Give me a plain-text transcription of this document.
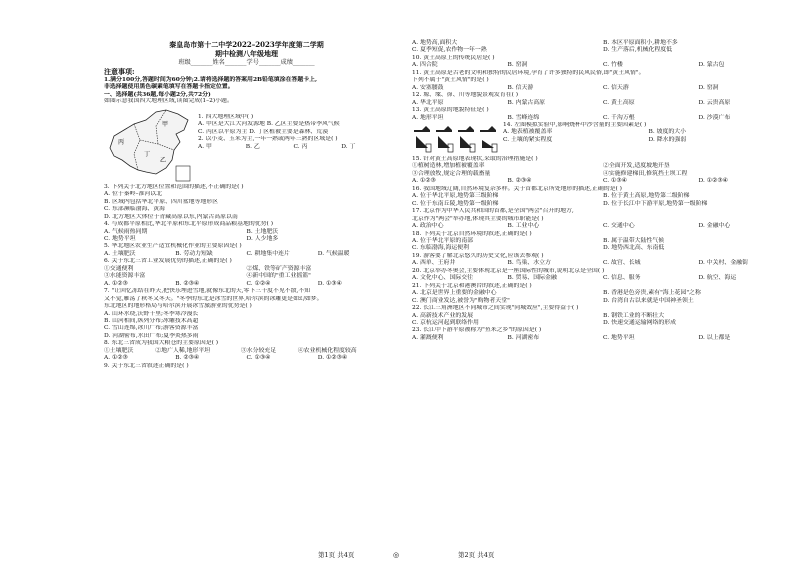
秦皇岛市第十二中学2022–2023学年度第二学期
期中检测八年级地理
班级_______姓名_______学号_______成绩_______
注意事项:
1.满分100分,答题时间为60分钟;2.请将选择题的答案用2B铅笔填涂在答题卡上,
非选择题使用黑色碳素笔填写在答题卡指定位置。
一、选择题(共36题,每小题2分,共72分)
如图示意我国四大地理区域,读图完成(1–2)小题。
甲
乙
丙
丁
1. 四大地理区域中( )
A. 甲区是大江大河发源地 B. 乙区主要是热带季风气候
C. 丙区以平原为主 D. 丁区植被主要是森林、荒漠
2. 以小麦、玉米为主,一年一熟或两年三熟的区域是( )
A. 甲	B. 乙	C. 丙	D. 丁
3. 下列关于北方地区位置和范围的描述,不正确的是( )
A. 位于秦岭–淮河以北
B. 区域内包括华北平原、四川盆地等地形区
C. 东部濒临渤海、黄海
D. 北方地区大体位于青藏高原以东,内蒙古高原以南
4. 与成都平原相比,华北平原和东北平原形成商品粮基地的优势( )
A. 气候雨热同期	B. 土地肥沃
C. 地势平坦	D. 人少地多
5. 华北地区农业生产适宜机械化作业的主要原因是( )
A. 土壤肥沃	B. 劳动力短缺	C. 耕地集中连片	D. 气候温暖
6. 关于东北三省工业发展优势的描述,正确的是( )
①交通便利	②煤、铁等矿产资源丰富
③水能资源丰富	④新中国的"重工业摇篮"
A. ①②③	B. ②③④	C. ①②④	D. ①③④
7. "让回忆冻结在昨天,把快乐埋进雪地,就像东北的天,零下三十度不见不散,不知
又不觉,雁荡了秋冬又冬天。"冬季的东北是冰雪的世界,哈尔滨的冰雕更是如幻如梦。
东北地区的地形格局与哈尔滨开展冰雪旅游业的优势是( )
A. 山环水绕,沃野千里;冬季寒冷漫长
B. 山河相间,纵列分布;冰雕技术高超
C. 雪山连绵,冰川广布;游客资源丰富
D. 河湖密布,水田广布;夏季炎热多雨
8. 东北三省成为我国大粮仓的主要原因是( )
①土壤肥沃	②地广人稀,地形平坦	③水分较充足	④农业机械化程度较高
A. ①②③	B. ②③④	C. ①③④	D. ①②③④
9. 关于东北三省叙述正确的是( )
A. 地势高,面积大	B. 本区平原面积小,耕地不多
C. 夏季短促,农作物一年一熟	D. 生产落后,机械化程度低
10. 黄土高原上的传统民居是( )
A. 四合院	B. 窑洞	C. 竹楼	D. 蒙古包
11. 黄土高原是古老的文明和独特的民居环境,孕育了许多独特的民风民俗,即"黄土风情"。
下列不属于"黄土风情"的是( )
A. 安塞腰鼓	B. 信天游	C. 信天游	D. 窑洞
12. 塬、墚、峁、川等地貌景观发育在( )
A. 华北平原	B. 内蒙古高原	C. 黄土高原	D. 云贵高原
13. 黄土高原的地貌特征是( )
A. 地形平坦	B. 雪峰连绵	C. 千沟万壑	D. 沙漠广布
14. 左图模拟实验中,影响烧杯中沙含量的主要因素是( )
A. 地表植被覆盖率	B. 坡度的大小
C. 土壤的紧实程度	D. 降水的强弱
15. 针对黄土高原地表现状,采取的治理措施是( )
①植树造林,增加植被覆盖率	②全面开发,适度坡地开垦
③合理放牧,规定合理的载畜量	④实施修建梯田,修筑挡土坝工程
A. ①②③	B. ②③④	C. ①③④	D. ①②③④
16. 我国地域辽阔,自然环境复杂多样。关于首都北京所处地形的描述,正确的是( )
A. 位于华北平原,地势第三级阶梯	B. 位于黄土高原,地势第二级阶梯
C. 位于东南丘陵,地势第一级阶梯	D. 位于长江中下游平原,地势第一级阶梯
17. 北京作为中华人民共和国的首都,是全国"两会"召开的地方,
北京作为"两会"举办地,体现其主要的城市职能是( )
A. 政治中心	B. 工业中心	C. 交通中心	D. 金融中心
18. 下列关于北京自然环境的叙述,正确的是( )
A. 位于华北平原的南部	B. 属于温带大陆性气候
C. 东临渤海,海运便利	D. 地势西北高、东南低
19. 游客要了解北京悠久的历史文化,应该去参观( )
A. 西单、王府井	B. 鸟巢、水立方	C. 故宫、长城	D. 中关村、金融街
20. 北京举办冬奥会,主要体现北京是一座国际性的城市,说明北京是全国( )
A. 文化中心、国际交往	B. 贸易、国际金融	C. 信息、服务	D. 航空、海运
21. 下列关于北京和港澳台的叙述,正确的是( )
A. 北京是世界上重要的金融中心	B. 香港是色旁贵,素有"海上花园"之称
C. 澳门商业发达,被誉为"购物者天堂"	D. 台湾自古以来就是中国神圣领土
22. 长江三角洲地区不同城市之间实现"同城效应",主要得益于( )
A. 高新技术产业的发展	B. 钢铁工业的不断壮大
C. 京杭运河起到联络作用	D. 快速交通运输网络的形成
23. 长江中下游平原被称为"鱼米之乡"的原因是( )
A. 灌溉便利	B. 河湖密布	C. 地势平坦	D. 以上都是
第1页 共4页	◎	第2页 共4页
